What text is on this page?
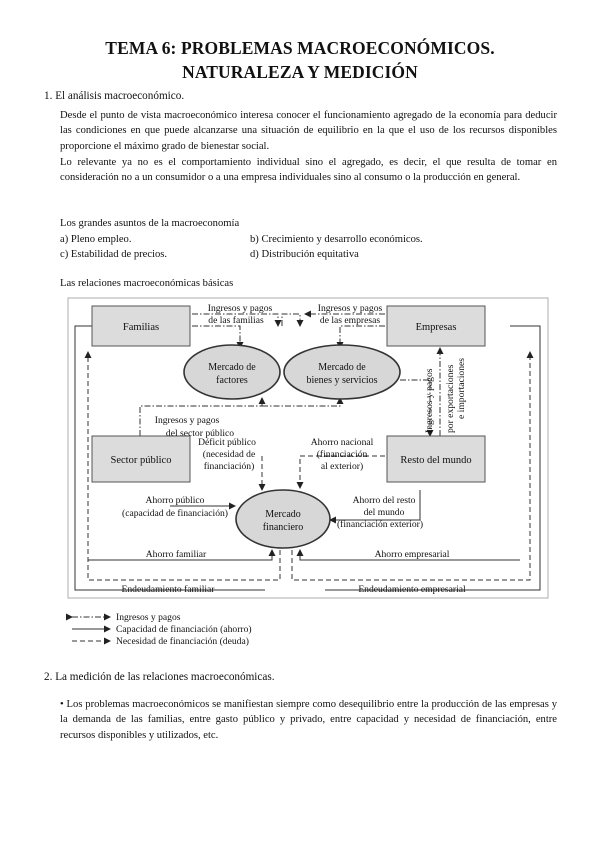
TEMA 6: PROBLEMAS MACROECONÓMICOS.
NATURALEZA Y MEDICIÓN
1. El análisis macroeconómico.
Desde el punto de vista macroeconómico interesa conocer el funcionamiento agregado de la economía para deducir las condiciones en que puede alcanzarse una situación de equilibrio en la que el uso de los recursos disponibles proporcione el máximo grado de bienestar social.
Lo relevante ya no es el comportamiento individual sino el agregado, es decir, el que resulta de tomar en consideración no a un consumidor o a una empresa individuales sino al consumo o la producción en general.
Los grandes asuntos de la macroeconomía
a) Pleno empleo.	b) Crecimiento y desarrollo económicos.
c) Estabilidad de precios.	d) Distribución equitativa
Las relaciones macroeconómicas básicas
Familias	Empresas
Sector público	Resto del mundo
Mercado de
factores
Mercado de
bienes y servicios
Mercado
financiero
Ingresos y pagos
de las familias
Ingresos y pagos
de las empresas
Ingresos y pagos
del sector público
Ingresos y pagos por exportaciones e importaciones
Déficit público
(necesidad de
financiación)
Ahorro nacional
(financiación
al exterior)
Ahorro público
(capacidad de financiación)
Ahorro del resto
del mundo
(financiación exterior)
Ahorro familiar	Ahorro empresarial
Endeudamiento familiar	Endeudamiento empresarial
Ingresos y pagos
Capacidad de financiación (ahorro)
Necesidad de financiación (deuda)
2. La medición de las relaciones macroeconómicas.
• Los problemas macroeconómicos se manifiestan siempre como desequilibrio entre la producción de las empresas y la demanda de las familias, entre gasto público y privado, entre capacidad y necesidad de financiación, entre recursos disponibles y utilizados, etc.
